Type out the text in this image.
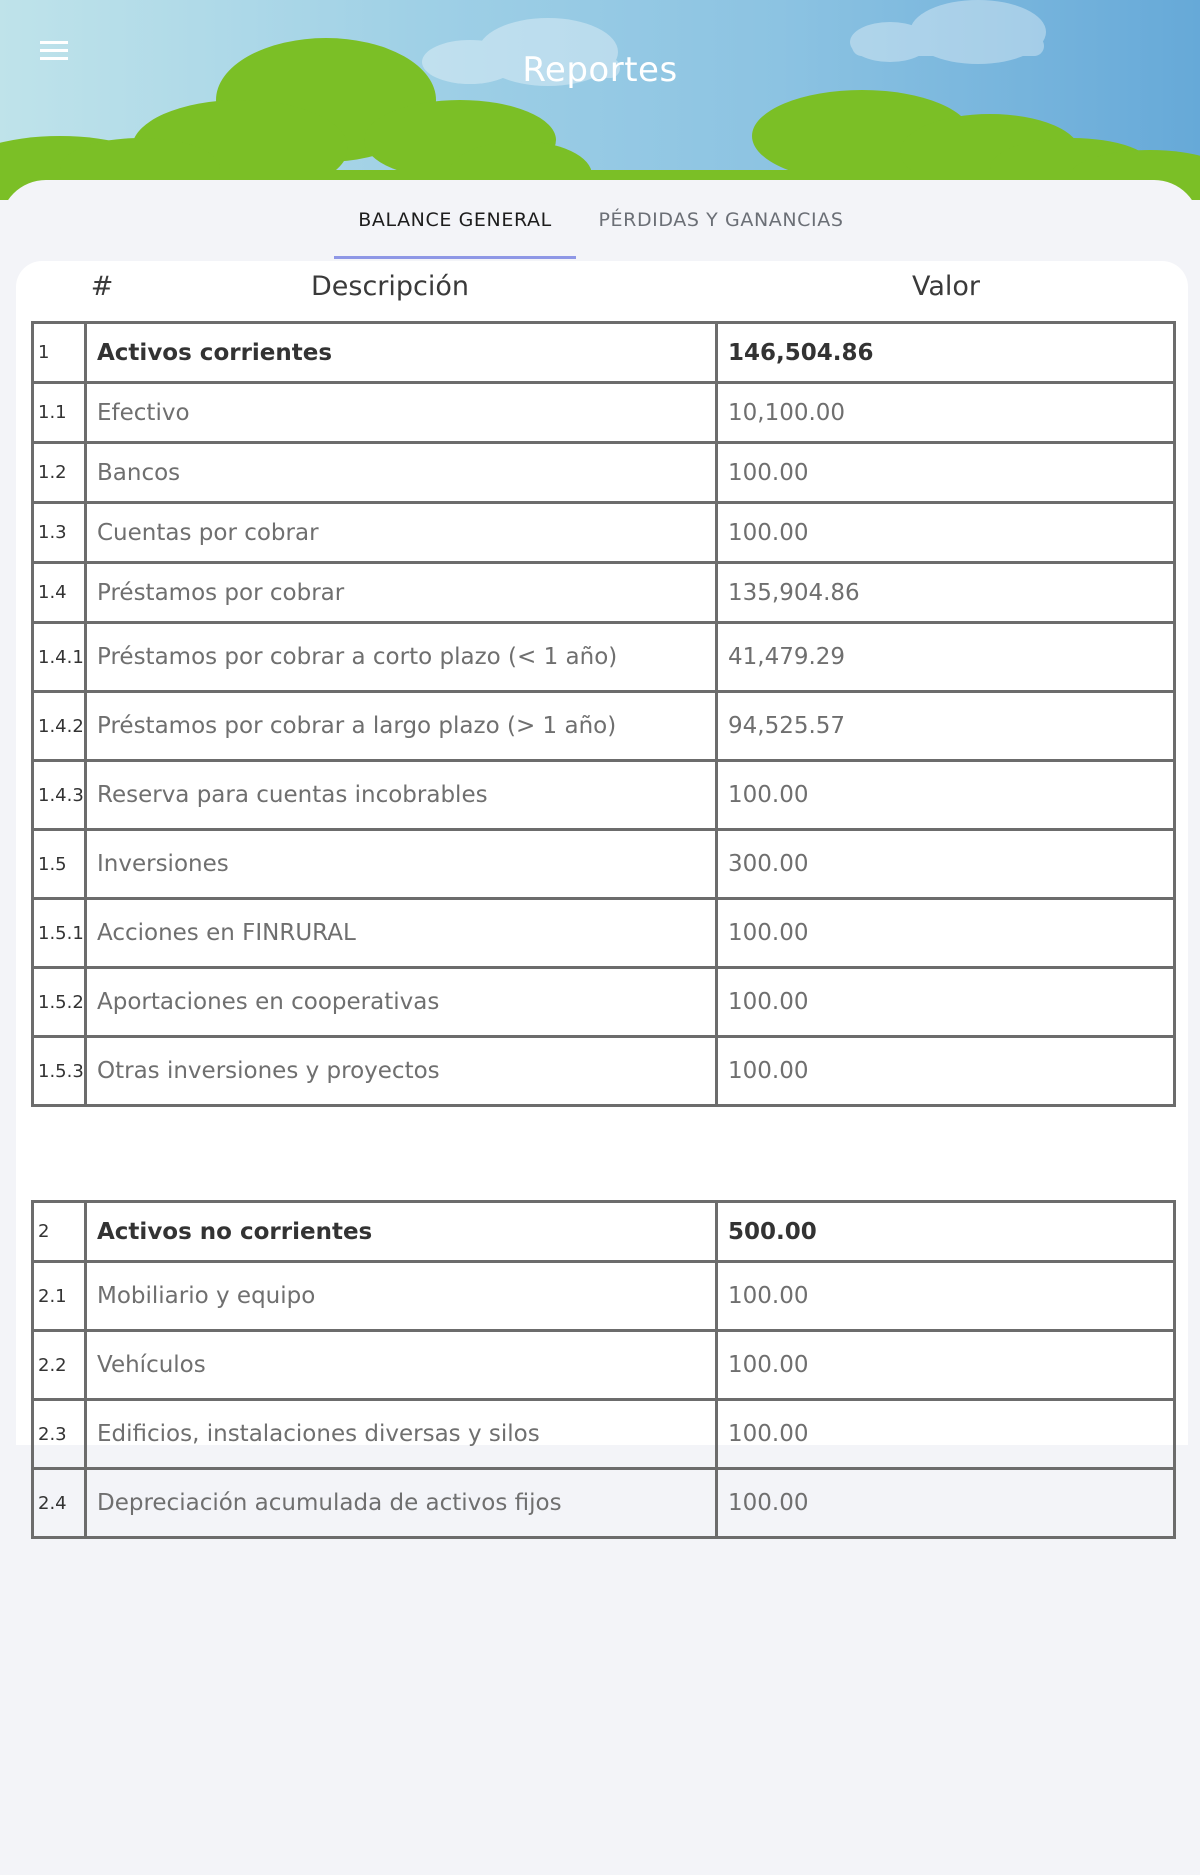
Reportes
BALANCE GENERAL	PÉRDIDAS Y GANANCIAS
#	Descripción	Valor
1	Activos corrientes	146,504.86
1.1	Efectivo	10,100.00
1.2	Bancos	100.00
1.3	Cuentas por cobrar	100.00
1.4	Préstamos por cobrar	135,904.86
1.4.1	Préstamos por cobrar a corto plazo (< 1 año)	41,479.29
1.4.2	Préstamos por cobrar a largo plazo (> 1 año)	94,525.57
1.4.3	Reserva para cuentas incobrables	100.00
1.5	Inversiones	300.00
1.5.1	Acciones en FINRURAL	100.00
1.5.2	Aportaciones en cooperativas	100.00
1.5.3	Otras inversiones y proyectos	100.00
2	Activos no corrientes	500.00
2.1	Mobiliario y equipo	100.00
2.2	Vehículos	100.00
2.3	Edificios, instalaciones diversas y silos	100.00
2.4	Depreciación acumulada de activos fijos	100.00
